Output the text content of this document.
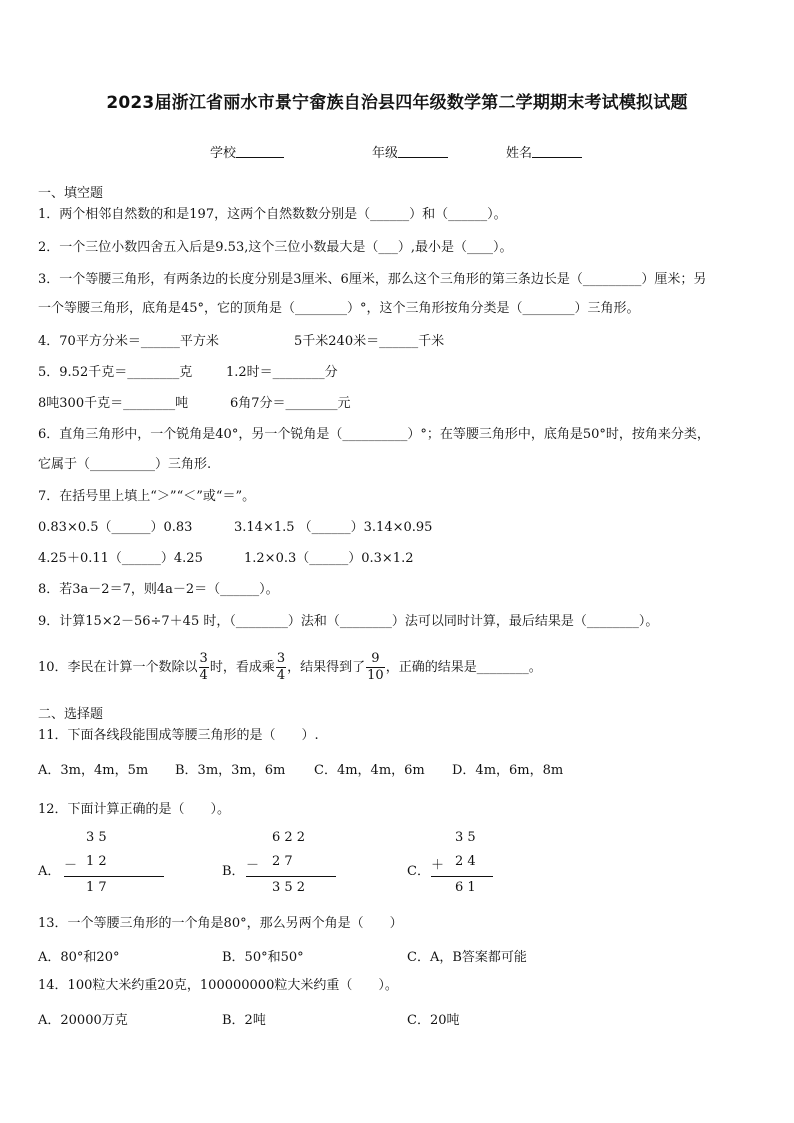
2023届浙江省丽水市景宁畲族自治县四年级数学第二学期期末考试模拟试题
学校	年级	姓名
一、填空题
1．两个相邻自然数的和是197，这两个自然数数分别是（______）和（______）。
2．一个三位小数四舍五入后是9.53,这个三位小数最大是（___）,最小是（____）。
3．一个等腰三角形，有两条边的长度分别是3厘米、6厘米，那么这个三角形的第三条边长是（_________）厘米；另
一个等腰三角形，底角是45°，它的顶角是（________）°，这个三角形按角分类是（________）三角形。
4．70平方分米＝______平方米	5千米240米＝______千米
5．9.52千克＝________克	1.2时＝________分
8吨300千克＝________吨	6角7分＝________元
6．直角三角形中，一个锐角是40°，另一个锐角是（__________）°；在等腰三角形中，底角是50°时，按角来分类，
它属于（__________）三角形.
7．在括号里上填上“＞”“＜”或“＝”。
0.83×0.5（______）0.83	3.14×1.5 （______）3.14×0.95
4.25＋0.11（______）4.25	1.2×0.3（______）0.3×1.2
8．若3a－2＝7，则4a－2＝（______）。
9．计算15×2－56÷7＋45 时，（________）法和（________）法可以同时计算，最后结果是（________）。
10．李民在计算一个数除以 $\frac{3}{4}$ 时，看成乘 $\frac{3}{4}$ ，结果得到了 $\frac{9}{10}$ ，正确的结果是________。
二、选择题
11．下面各线段能围成等腰三角形的是（　　）.
A．3m，4m，5m B．3m，3m，6m C．4m，4m，6m D．4m，6m，8m
12．下面计算正确的是（　　）。
A．
3 5
－ 1 2
1 7
B．
6 2 2
－ 2 7
3 5 2
C．
3 5
＋ 2 4
6 1
13．一个等腰三角形的一个角是80°，那么另两个角是（　　）
A．80°和20°	B．50°和50°	C．A，B答案都可能
14．100粒大米约重20克，100000000粒大米约重（　　）。
A．20000万克	B．2吨	C．20吨
